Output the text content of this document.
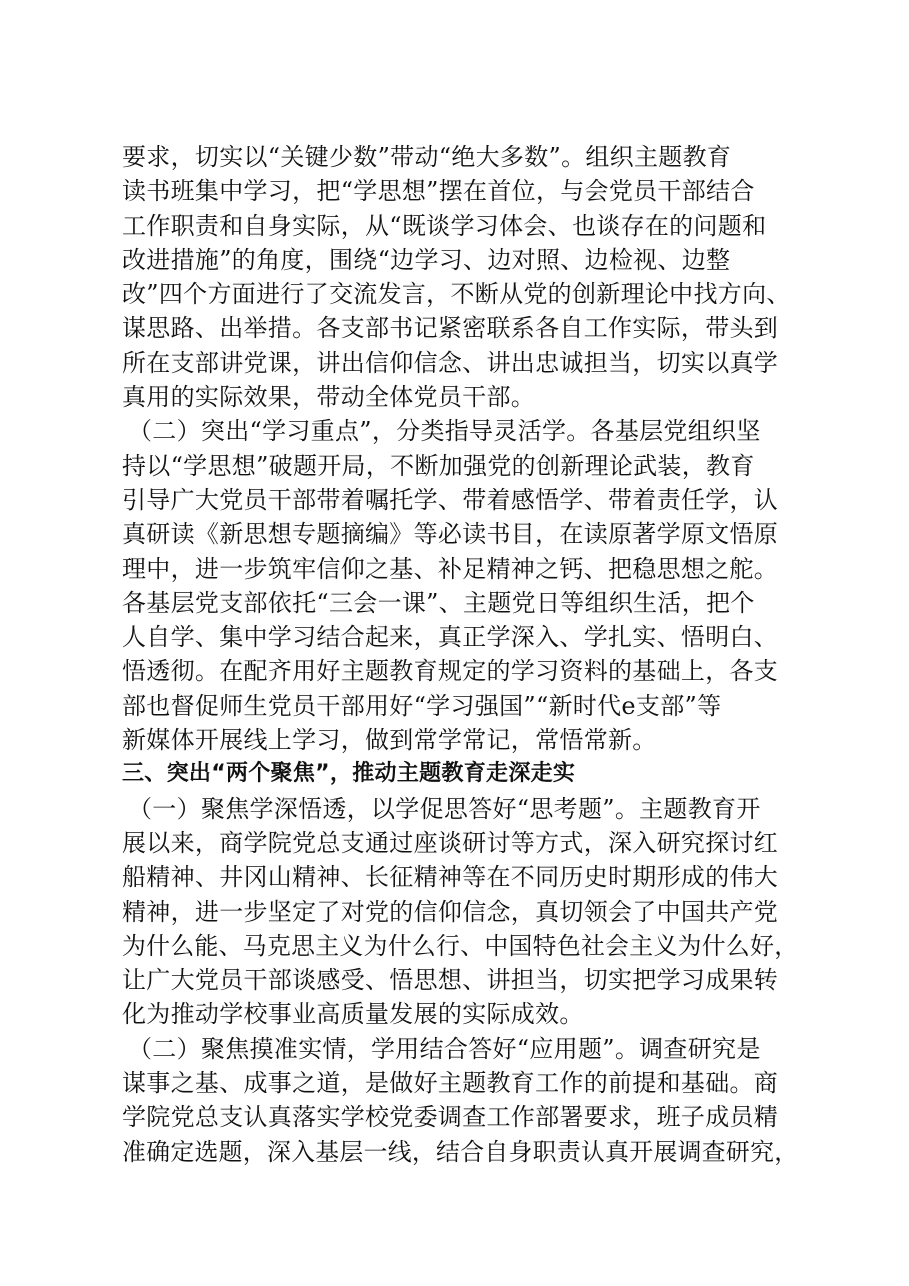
要求，切实以“关键少数”带动“绝大多数”。组织主题教育
读书班集中学习，把“学思想”摆在首位，与会党员干部结合
工作职责和自身实际，从“既谈学习体会、也谈存在的问题和
改进措施”的角度，围绕“边学习、边对照、边检视、边整
改”四个方面进行了交流发言，不断从党的创新理论中找方向、
谋思路、出举措。各支部书记紧密联系各自工作实际，带头到
所在支部讲党课，讲出信仰信念、讲出忠诚担当，切实以真学
真用的实际效果，带动全体党员干部。
（二）突出“学习重点”，分类指导灵活学。各基层党组织坚
持以“学思想”破题开局，不断加强党的创新理论武装，教育
引导广大党员干部带着嘱托学、带着感悟学、带着责任学，认
真研读《新思想专题摘编》等必读书目，在读原著学原文悟原
理中，进一步筑牢信仰之基、补足精神之钙、把稳思想之舵。
各基层党支部依托“三会一课”、主题党日等组织生活，把个
人自学、集中学习结合起来，真正学深入、学扎实、悟明白、
悟透彻。在配齐用好主题教育规定的学习资料的基础上，各支
部也督促师生党员干部用好“学习强国”“新时代e支部”等
新媒体开展线上学习，做到常学常记，常悟常新。
三、突出“两个聚焦”，推动主题教育走深走实
（一）聚焦学深悟透，以学促思答好“思考题”。主题教育开
展以来，商学院党总支通过座谈研讨等方式，深入研究探讨红
船精神、井冈山精神、长征精神等在不同历史时期形成的伟大
精神，进一步坚定了对党的信仰信念，真切领会了中国共产党
为什么能、马克思主义为什么行、中国特色社会主义为什么好，
让广大党员干部谈感受、悟思想、讲担当，切实把学习成果转
化为推动学校事业高质量发展的实际成效。
（二）聚焦摸准实情，学用结合答好“应用题”。调查研究是
谋事之基、成事之道，是做好主题教育工作的前提和基础。商
学院党总支认真落实学校党委调查工作部署要求，班子成员精
准确定选题，深入基层一线，结合自身职责认真开展调查研究，
